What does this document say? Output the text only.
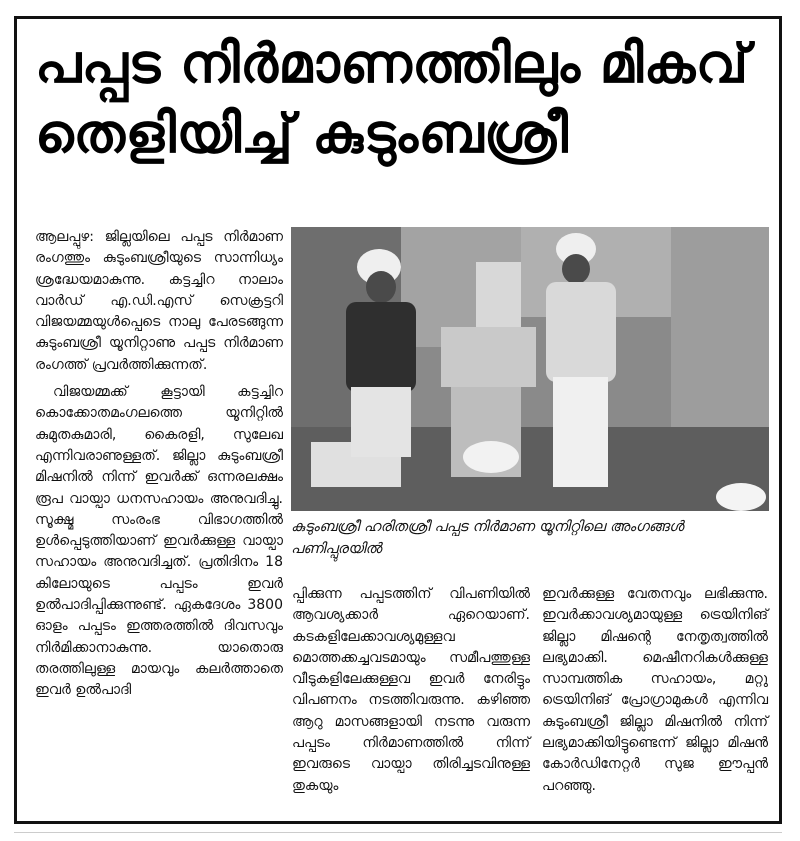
പപ്പട നിർമാണത്തിലും മികവ് തെളിയിച്ച് കുടുംബശ്രീ

ആലപ്പുഴ: ജില്ലയിലെ പപ്പട നിർമാണ രംഗത്തും കുടുംബശ്രീയുടെ സാന്നിധ്യം ശ്രദ്ധേയമാകുന്നു. കട്ടച്ചിറ നാലാം വാർഡ് എ.ഡി.എസ് സെക്രട്ടറി വിജയമ്മയുൾപ്പെടെ നാലു പേരടങ്ങുന്ന കുടുംബശ്രീ യൂനിറ്റാണു പപ്പട നിർമാണ രംഗത്ത് പ്രവർത്തിക്കുന്നത്.

വിജയമ്മക്ക് കൂട്ടായി കട്ടച്ചിറ കൊക്കോതമംഗലത്തെ യൂനിറ്റിൽ കുമുതകുമാരി, കൈരളി, സുലേഖ എന്നിവരാണുള്ളത്. ജില്ലാ കുടുംബശ്രീ മിഷനിൽ നിന്ന് ഇവർക്ക് ഒന്നരലക്ഷം രൂപ വായ്പാ ധനസഹായം അനുവദിച്ചു. സൂക്ഷ്മ സംരംഭ വിഭാഗത്തിൽ ഉൾപ്പെടുത്തിയാണ് ഇവർക്കുള്ള വായ്പാ സഹായം അനുവദിച്ചത്. പ്രതിദിനം 18 കിലോയുടെ പപ്പടം ഇവർ ഉൽപാദിപ്പിക്കുന്നുണ്ട്. ഏകദേശം 3800 ഓളം പപ്പടം ഇത്തരത്തിൽ ദിവസവും നിർമിക്കാനാകുന്നു. യാതൊരു തരത്തിലുള്ള മായവും കലർത്താതെ ഇവർ ഉൽപാദി

കുടുംബശ്രീ ഹരിതശ്രീ പപ്പട നിർമാണ യൂനിറ്റിലെ അംഗങ്ങൾ പണിപ്പുരയിൽ

പ്പിക്കുന്ന പപ്പടത്തിന് വിപണിയിൽ ആവശ്യക്കാർ ഏറെയാണ്. കടകളിലേക്കാവശ്യമുള്ളവ മൊത്തക്കച്ചവടമായും സമീപത്തുള്ള വീടുകളിലേക്കുള്ളവ ഇവർ നേരിട്ടും വിപണനം നടത്തിവരുന്നു. കഴിഞ്ഞ ആറു മാസങ്ങളായി നടന്നു വരുന്ന പപ്പടം നിർമാണത്തിൽ നിന്ന് ഇവരുടെ വായ്പാ തിരിച്ചടവിനുള്ള തുകയും

ഇവർക്കുള്ള വേതനവും ലഭിക്കുന്നു. ഇവർക്കാവശ്യമായുള്ള ട്രെയിനിങ് ജില്ലാ മിഷന്റെ നേതൃത്വത്തിൽ ലഭ്യമാക്കി. മെഷീനറികൾക്കുള്ള സാമ്പത്തിക സഹായം, മറ്റു ട്രെയിനിങ് പ്രോഗ്രാമുകൾ എന്നിവ കുടുംബശ്രീ ജില്ലാ മിഷനിൽ നിന്ന് ലഭ്യമാക്കിയിട്ടുണ്ടെന്ന് ജില്ലാ മിഷൻ കോർഡിനേറ്റർ സുജ ഈപ്പൻ പറഞ്ഞു.
